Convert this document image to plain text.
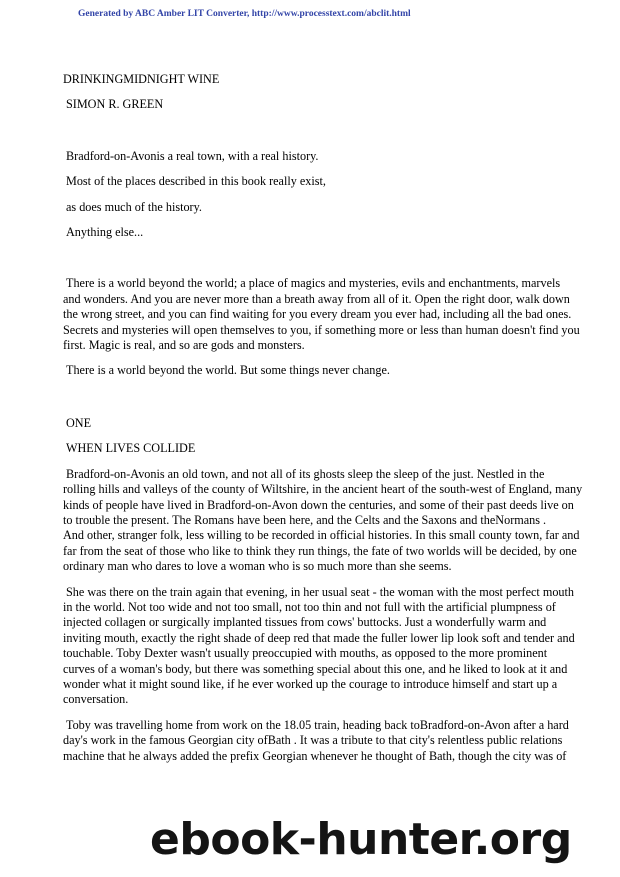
Generated by ABC Amber LIT Converter, http://www.processtext.com/abclit.html

DRINKINGMIDNIGHT WINE

SIMON R. GREEN

Bradford-on-Avonis a real town, with a real history.

Most of the places described in this book really exist,

as does much of the history.

Anything else...

There is a world beyond the world; a place of magics and mysteries, evils and enchantments, marvels

and wonders. And you are never more than a breath away from all of it. Open the right door, walk down

the wrong street, and you can find waiting for you every dream you ever had, including all the bad ones.

Secrets and mysteries will open themselves to you, if something more or less than human doesn't find you

first. Magic is real, and so are gods and monsters.

There is a world beyond the world. But some things never change.

ONE

WHEN LIVES COLLIDE

Bradford-on-Avonis an old town, and not all of its ghosts sleep the sleep of the just. Nestled in the

rolling hills and valleys of the county of Wiltshire, in the ancient heart of the south-west of England, many

kinds of people have lived in Bradford-on-Avon down the centuries, and some of their past deeds live on

to trouble the present. The Romans have been here, and the Celts and the Saxons and theNormans .

And other, stranger folk, less willing to be recorded in official histories. In this small county town, far and

far from the seat of those who like to think they run things, the fate of two worlds will be decided, by one

ordinary man who dares to love a woman who is so much more than she seems.

She was there on the train again that evening, in her usual seat - the woman with the most perfect mouth

in the world. Not too wide and not too small, not too thin and not full with the artificial plumpness of

injected collagen or surgically implanted tissues from cows' buttocks. Just a wonderfully warm and

inviting mouth, exactly the right shade of deep red that made the fuller lower lip look soft and tender and

touchable. Toby Dexter wasn't usually preoccupied with mouths, as opposed to the more prominent

curves of a woman's body, but there was something special about this one, and he liked to look at it and

wonder what it might sound like, if he ever worked up the courage to introduce himself and start up a

conversation.

Toby was travelling home from work on the 18.05 train, heading back toBradford-on-Avon after a hard

day's work in the famous Georgian city ofBath . It was a tribute to that city's relentless public relations

machine that he always added the prefix Georgian whenever he thought of Bath, though the city was of

ebook-hunter.org
